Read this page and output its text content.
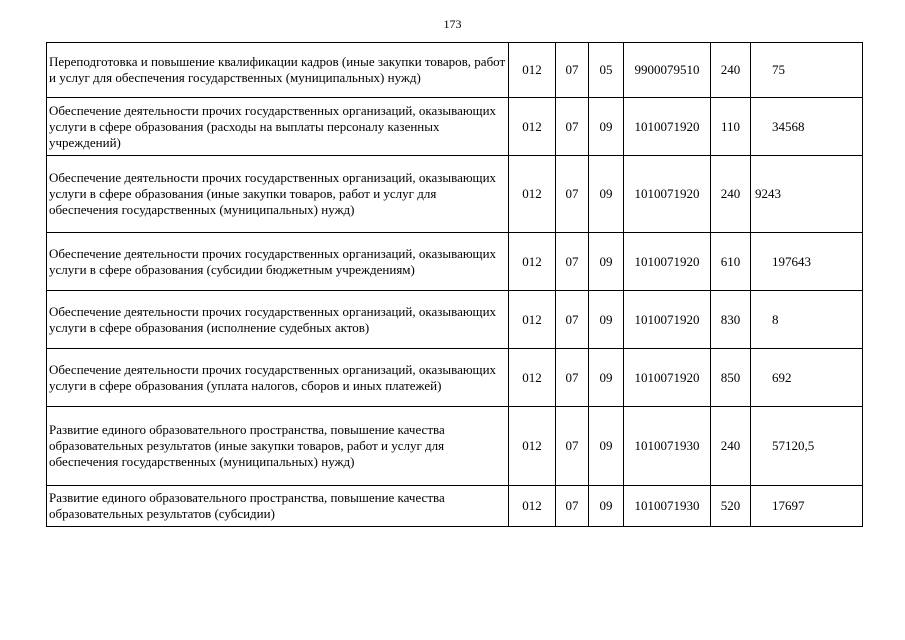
173
Переподготовка и повышение квалификации кадров (иные закупки товаров, работ и услуг для обеспечения государственных (муниципальных) нужд)	012	07	05	9900079510	240	75
Обеспечение деятельности прочих государственных организаций, оказывающих услуги в сфере образования (расходы на выплаты персоналу казенных учреждений)	012	07	09	1010071920	110	34568
Обеспечение деятельности прочих государственных организаций, оказывающих услуги в сфере образования (иные закупки товаров, работ и услуг для обеспечения государственных (муниципальных) нужд)	012	07	09	1010071920	240	9243
Обеспечение деятельности прочих государственных организаций, оказывающих услуги в сфере образования (субсидии бюджетным учреждениям)	012	07	09	1010071920	610	197643
Обеспечение деятельности прочих государственных организаций, оказывающих услуги в сфере образования (исполнение судебных актов)	012	07	09	1010071920	830	8
Обеспечение деятельности прочих государственных организаций, оказывающих услуги в сфере образования (уплата налогов, сборов и иных платежей)	012	07	09	1010071920	850	692
Развитие единого образовательного пространства, повышение качества образовательных результатов (иные закупки товаров, работ и услуг для обеспечения государственных (муниципальных) нужд)	012	07	09	1010071930	240	57120,5
Развитие единого образовательного пространства, повышение качества образовательных результатов (субсидии)	012	07	09	1010071930	520	17697
